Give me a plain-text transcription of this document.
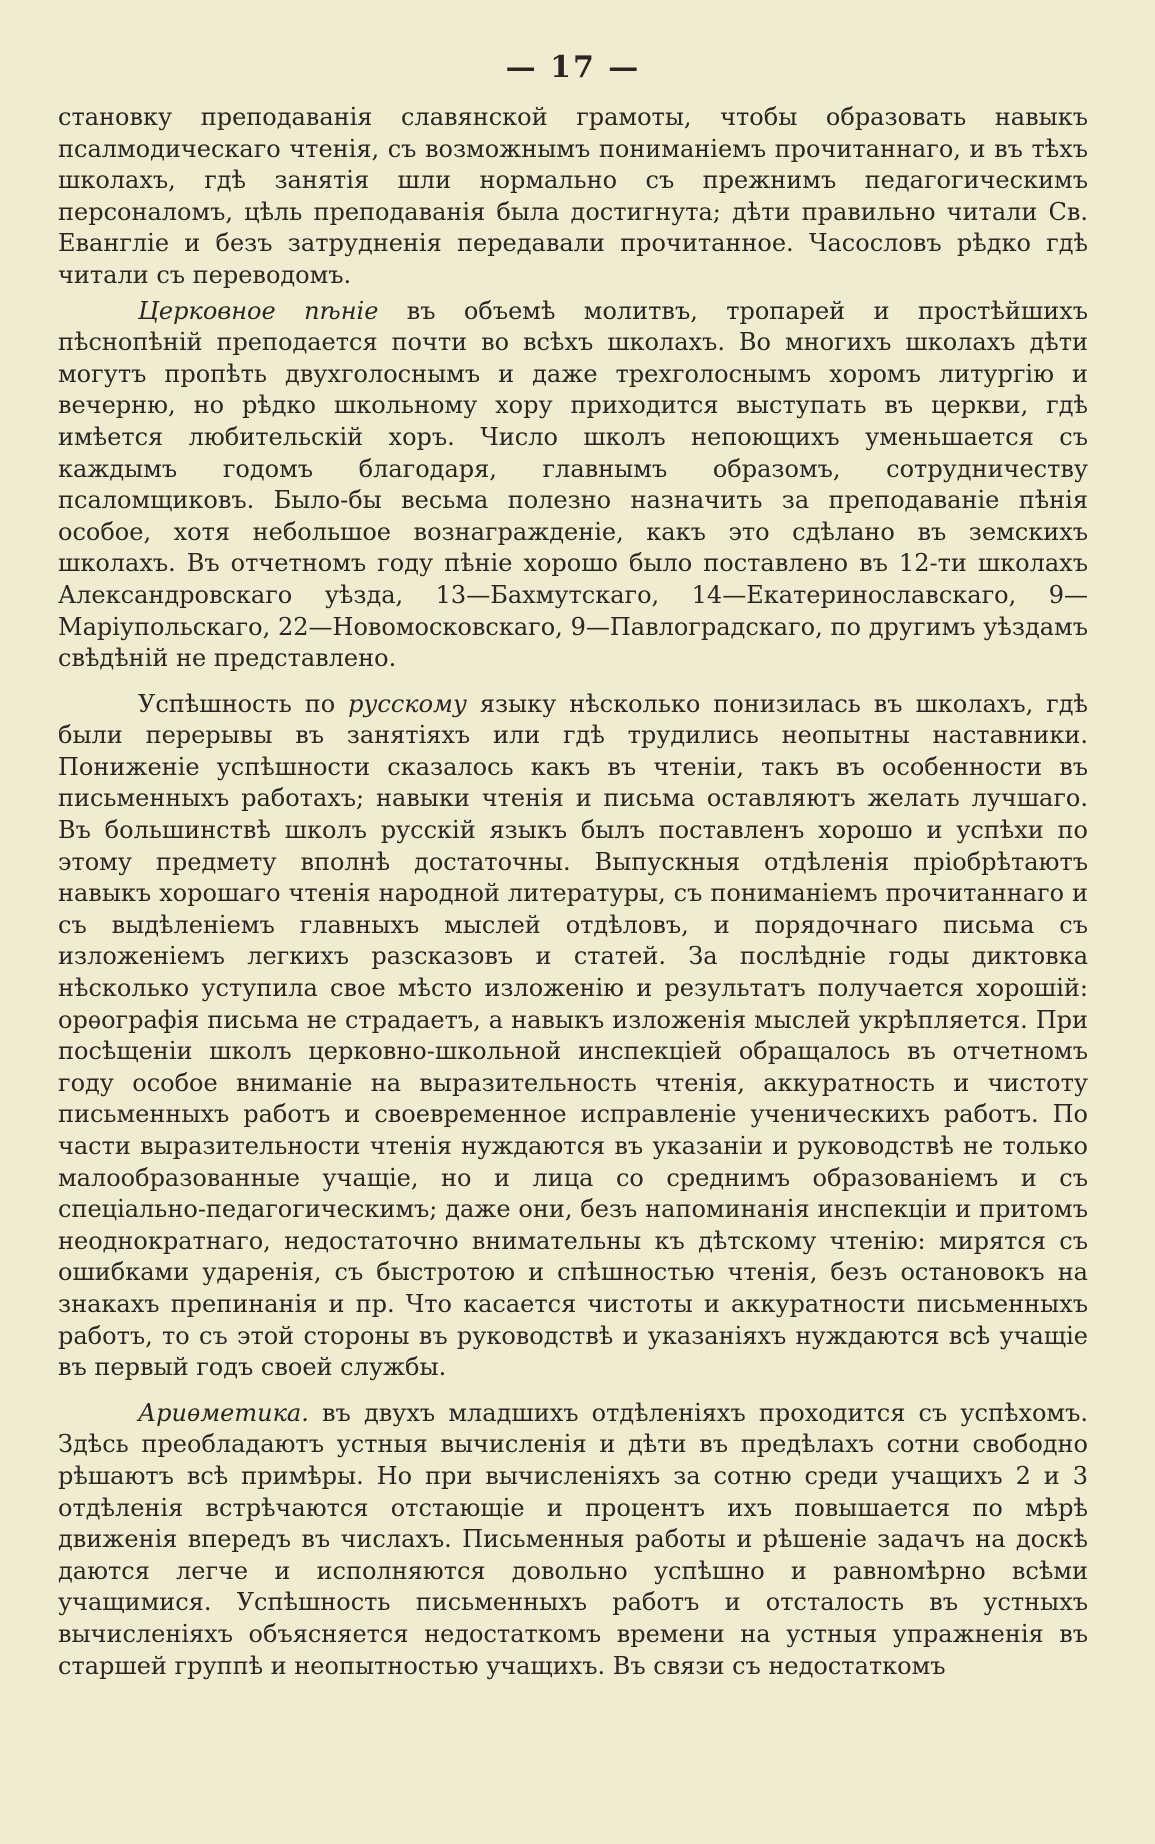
— 17 —

становку преподаванія славянской грамоты, чтобы образовать навыкъ псалмодическаго чтенія, съ возможнымъ пониманіемъ прочитаннаго, и въ тѣхъ школахъ, гдѣ занятія шли нормально съ прежнимъ педагогическимъ персоналомъ, цѣль преподаванія была достигнута; дѣти правильно читали Св. Евангліе и безъ затрудненія передавали прочитанное. Часословъ рѣдко гдѣ читали съ переводомъ.

Церковное пѣніе въ объемѣ молитвъ, тропарей и простѣйшихъ пѣснопѣній преподается почти во всѣхъ школахъ. Во многихъ школахъ дѣти могутъ пропѣть двухголоснымъ и даже трехголоснымъ хоромъ литургію и вечерню, но рѣдко школьному хору приходится выступать въ церкви, гдѣ имѣется любительскій хоръ. Число школъ непоющихъ уменьшается съ каждымъ годомъ благодаря, главнымъ образомъ, сотрудничеству псаломщиковъ. Было-бы весьма полезно назначить за преподаваніе пѣнія особое, хотя небольшое вознагражденіе, какъ это сдѣлано въ земскихъ школахъ. Въ отчетномъ году пѣніе хорошо было поставлено въ 12-ти школахъ Александровскаго уѣзда, 13—Бахмутскаго, 14—Екатеринославскаго, 9—Маріупольскаго, 22—Новомосковскаго, 9—Павлоградскаго, по другимъ уѣздамъ свѣдѣній не представлено.

Успѣшность по русскому языку нѣсколько понизилась въ школахъ, гдѣ были перерывы въ занятіяхъ или гдѣ трудились неопытны наставники. Пониженіе успѣшности сказалось какъ въ чтеніи, такъ въ особенности въ письменныхъ работахъ; навыки чтенія и письма оставляютъ желать лучшаго. Въ большинствѣ школъ русскій языкъ былъ поставленъ хорошо и успѣхи по этому предмету вполнѣ достаточны. Выпускныя отдѣленія пріобрѣтаютъ навыкъ хорошаго чтенія народной литературы, съ пониманіемъ прочитаннаго и съ выдѣленіемъ главныхъ мыслей отдѣловъ, и порядочнаго письма съ изложеніемъ легкихъ разсказовъ и статей. За послѣдніе годы диктовка нѣсколько уступила свое мѣсто изложенію и результатъ получается хорошій: орѳографія письма не страдаетъ, а навыкъ изложенія мыслей укрѣпляется. При посѣщеніи школъ церковно-школьной инспекціей обращалось въ отчетномъ году особое вниманіе на выразительность чтенія, аккуратность и чистоту письменныхъ работъ и своевременное исправленіе ученическихъ работъ. По части выразительности чтенія нуждаются въ указаніи и руководствѣ не только малообразованные учащіе, но и лица со среднимъ образованіемъ и съ спеціально-педагогическимъ; даже они, безъ напоминанія инспекціи и притомъ неоднократнаго, недостаточно внимательны къ дѣтскому чтенію: мирятся съ ошибками ударенія, съ быстротою и спѣшностью чтенія, безъ остановокъ на знакахъ препинанія и пр. Что касается чистоты и аккуратности письменныхъ работъ, то съ этой стороны въ руководствѣ и указаніяхъ нуждаются всѣ учащіе въ первый годъ своей службы.

Ариѳметика. въ двухъ младшихъ отдѣленіяхъ проходится съ успѣхомъ. Здѣсь преобладаютъ устныя вычисленія и дѣти въ предѣлахъ сотни свободно рѣшаютъ всѣ примѣры. Но при вычисленіяхъ за сотню среди учащихъ 2 и 3 отдѣленія встрѣчаются отстающіе и процентъ ихъ повышается по мѣрѣ движенія впередъ въ числахъ. Письменныя работы и рѣшеніе задачъ на доскѣ даются легче и исполняются довольно успѣшно и равномѣрно всѣми учащимися. Успѣшность письменныхъ работъ и отсталость въ устныхъ вычисленіяхъ объясняется недостаткомъ времени на устныя упражненія въ старшей группѣ и неопытностью учащихъ. Въ связи съ недостаткомъ
